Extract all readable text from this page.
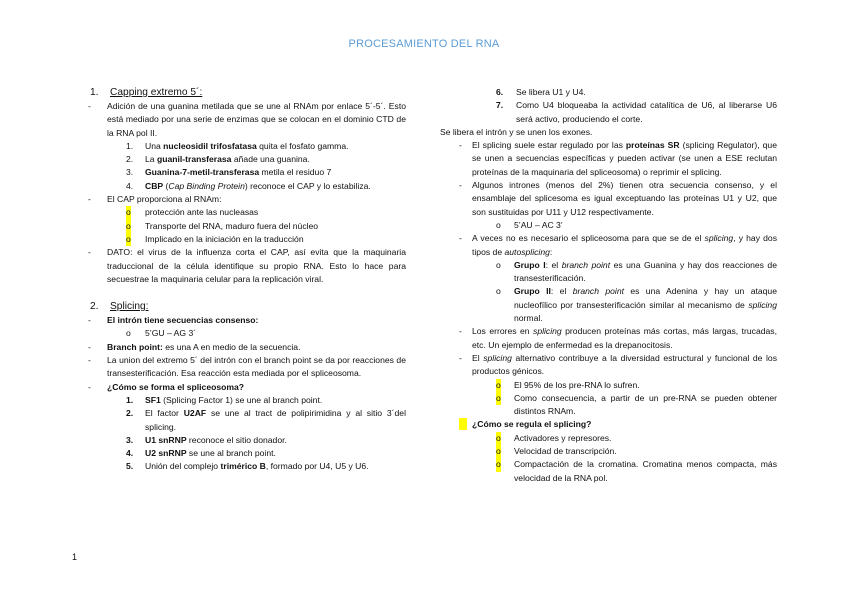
PROCESAMIENTO DEL RNA

1. Capping extremo 5´:

- Adición de una guanina metilada que se une al RNAm por enlace 5´-5´. Esto está mediado por una serie de enzimas que se colocan en el dominio CTD de la RNA pol II.

1. Una nucleosidil trifosfatasa quita el fosfato gamma.

2. La guanil-transferasa añade una guanina.

3. Guanina-7-metil-transferasa metila el residuo 7

4. CBP (Cap Binding Protein) reconoce el CAP y lo estabiliza.

- El CAP proporciona al RNAm:

o protección ante las nucleasas

o Transporte del RNA, maduro fuera del núcleo

o Implicado en la iniciación en la traducción

- DATO: el virus de la influenza corta el CAP, así evita que la maquinaria traduccional de la célula identifique su propio RNA. Esto lo hace para secuestrae la maquinaria celular para la replicación viral.

2. Splicing:

- El intrón tiene secuencias consenso:

o 5’GU – AG 3´

- Branch point: es una A en medio de la secuencia.

- La union del extremo 5´ del intrón con el branch point se da por reacciones de transesterificación. Esa reacción esta mediada por el spliceosoma.

- ¿Cómo se forma el spliceosoma?

1. SF1 (Splicing Factor 1) se une al branch point.

2. El factor U2AF se une al tract de polipirimidina y al sitio 3´del splicing.

3. U1 snRNP reconoce el sitio donador.

4. U2 snRNP se une al branch point.

5. Unión del complejo trimérico B, formado por U4, U5 y U6.

6. Se libera U1 y U4.

7. Como U4 bloqueaba la actividad catalítica de U6, al liberarse U6 será activo, produciendo el corte.

Se libera el intrón y se unen los exones.

- El splicing suele estar regulado por las proteínas SR (splicing Regulator), que se unen a secuencias específicas y pueden activar (se unen a ESE reclutan proteínas de la maquinaria del spliceosoma) o reprimir el splicing.

- Algunos intrones (menos del 2%) tienen otra secuencia consenso, y el ensamblaje del splicesoma es igual exceptuando las proteínas U1 y U2, que son sustituidas por U11 y U12 respectivamente.

o 5’AU – AC 3’

- A veces no es necesario el spliceosoma para que se de el splicing, y hay dos tipos de autosplicing:

o Grupo I: el branch point es una Guanina y hay dos reacciones de transesterificación.

o Grupo II: el branch point es una Adenina y hay un ataque nucleofílico por transesterificación similar al mecanismo de splicing normal.

- Los errores en splicing producen proteínas más cortas, más largas, trucadas, etc. Un ejemplo de enfermedad es la drepanocitosis.

- El splicing alternativo contribuye a la diversidad estructural y funcional de los productos génicos.

o El 95% de los pre-RNA lo sufren.

o Como consecuencia, a partir de un pre-RNA se pueden obtener distintos RNAm.

- ¿Cómo se regula el splicing?

o Activadores y represores.

o Velocidad de transcripción.

o Compactación de la cromatina. Cromatina menos compacta, más velocidad de la RNA pol.

1
